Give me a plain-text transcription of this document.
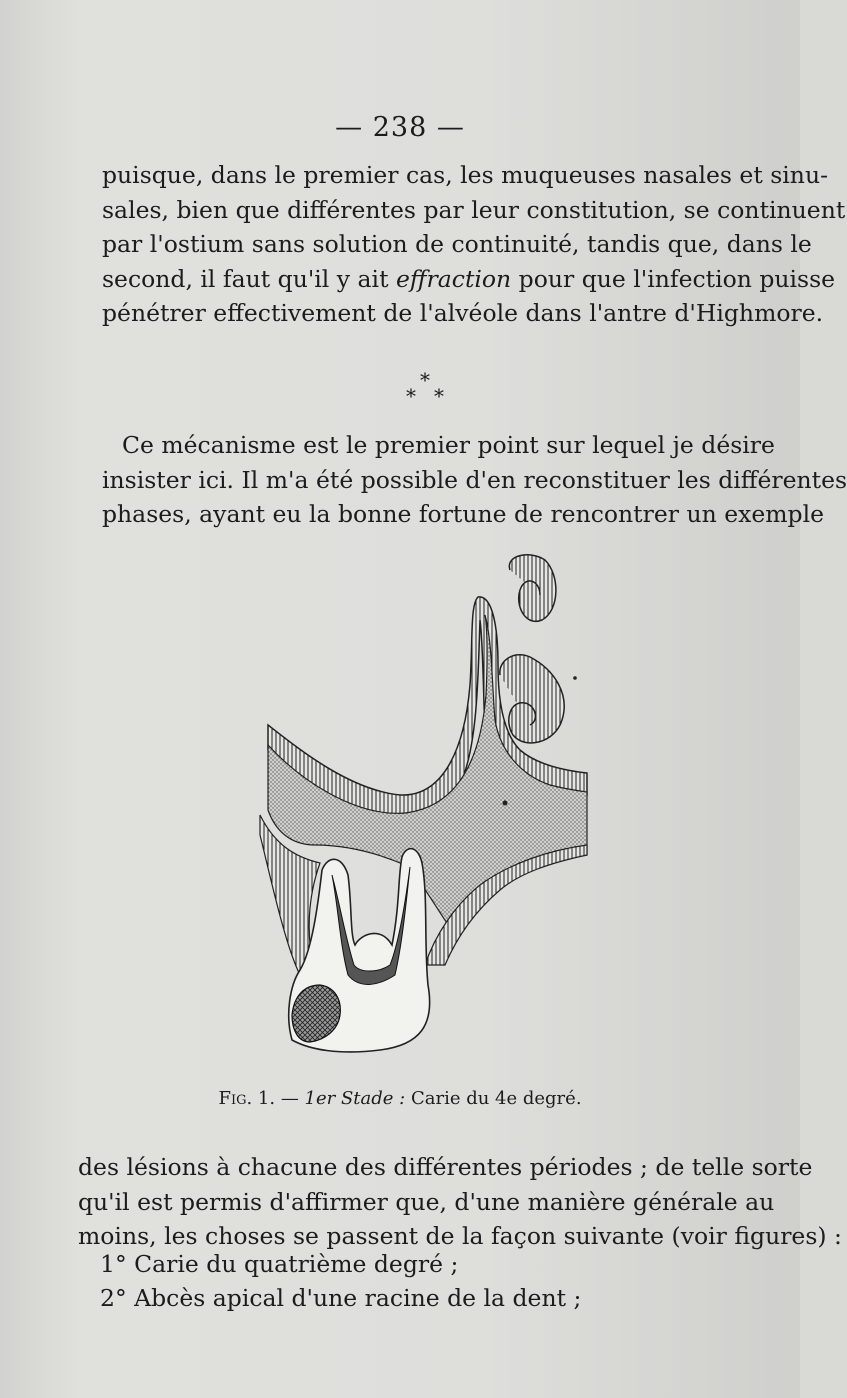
— 238 —
puisque, dans le premier cas, les muqueuses nasales et sinu-
sales, bien que différentes par leur constitution, se continuent
par l'ostium sans solution de continuité, tandis que, dans le
second, il faut qu'il y ait effraction pour que l'infection puisse
pénétrer effectivement de l'alvéole dans l'antre d'Highmore.
*
* *
Ce mécanisme est le premier point sur lequel je désire
insister ici. Il m'a été possible d'en reconstituer les différentes
phases, ayant eu la bonne fortune de rencontrer un exemple
Fig. 1. — 1er Stade : Carie du 4e degré.
des lésions à chacune des différentes périodes ; de telle sorte
qu'il est permis d'affirmer que, d'une manière générale au
moins, les choses se passent de la façon suivante (voir figures) :
1° Carie du quatrième degré ;
2° Abcès apical d'une racine de la dent ;
